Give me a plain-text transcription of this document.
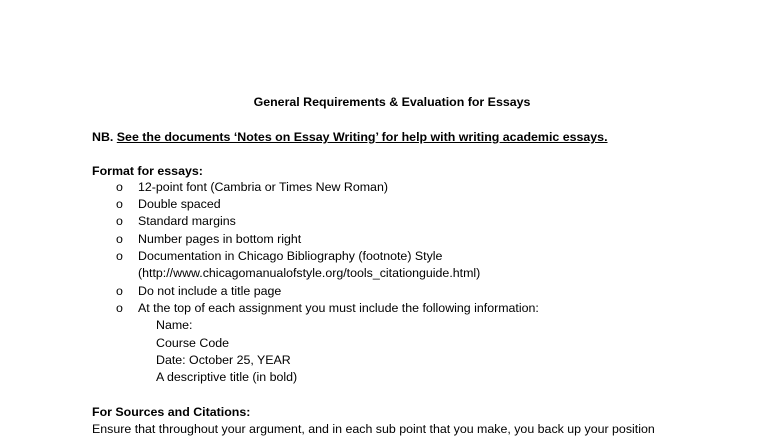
General Requirements & Evaluation for Essays
NB. See the documents ‘Notes on Essay Writing’ for help with writing academic essays.
Format for essays:
o 12-point font (Cambria or Times New Roman)
o Double spaced
o Standard margins
o Number pages in bottom right
o Documentation in Chicago Bibliography (footnote) Style
(http://www.chicagomanualofstyle.org/tools_citationguide.html)
o Do not include a title page
o At the top of each assignment you must include the following information:
Name:
Course Code
Date: October 25, YEAR
A descriptive title (in bold)
For Sources and Citations:
Ensure that throughout your argument, and in each sub point that you make, you back up your position
